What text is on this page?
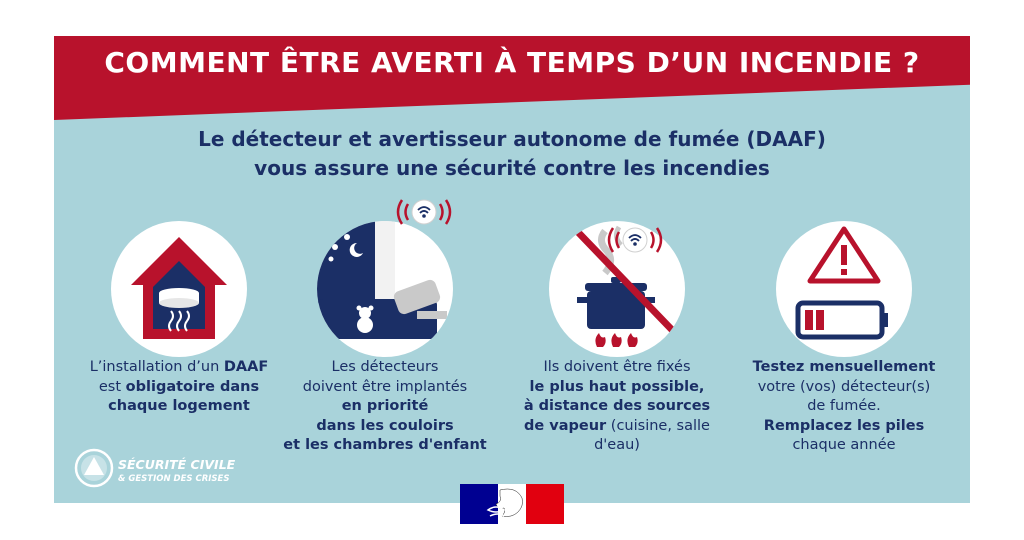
COMMENT ÊTRE AVERTI À TEMPS D’UN INCENDIE ?
Le détecteur et avertisseur autonome de fumée (DAAF)
vous assure une sécurité contre les incendies
L’installation d’un DAAF
est obligatoire dans
chaque logement
Les détecteurs
doivent être implantés
en priorité
dans les couloirs
et les chambres d'enfant
Ils doivent être fixés
le plus haut possible,
à distance des sources
de vapeur (cuisine, salle d'eau)
Testez mensuellement
votre (vos) détecteur(s)
de fumée.
Remplacez les piles
chaque année
SÉCURITÉ CIVILE
& GESTION DES CRISES
